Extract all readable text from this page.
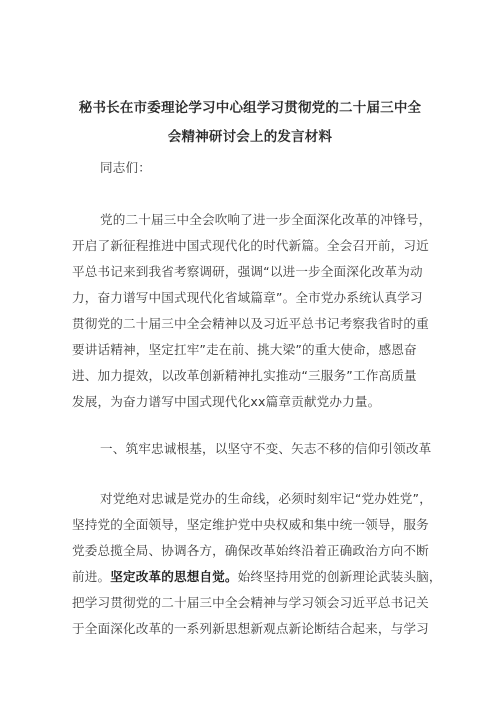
秘书长在市委理论学习中心组学习贯彻党的二十届三中全
会精神研讨会上的发言材料
同志们：
党的二十届三中全会吹响了进一步全面深化改革的冲锋号，
开启了新征程推进中国式现代化的时代新篇。全会召开前，习近
平总书记来到我省考察调研，强调“以进一步全面深化改革为动
力，奋力谱写中国式现代化省域篇章”。全市党办系统认真学习
贯彻党的二十届三中全会精神以及习近平总书记考察我省时的重
要讲话精神，坚定扛牢”走在前、挑大梁”的重大使命，感恩奋
进、加力提效，以改革创新精神扎实推动“三服务”工作高质量
发展，为奋力谱写中国式现代化xx篇章贡献党办力量。
一、筑牢忠诚根基，以坚守不变、矢志不移的信仰引领改革
对党绝对忠诚是党办的生命线，必须时刻牢记“党办姓党”，
坚持党的全面领导，坚定维护党中央权威和集中统一领导，服务
党委总揽全局、协调各方，确保改革始终沿着正确政治方向不断
前进。坚定改革的思想自觉。始终坚持用党的创新理论武装头脑，
把学习贯彻党的二十届三中全会精神与学习领会习近平总书记关
于全面深化改革的一系列新思想新观点新论断结合起来，与学习
